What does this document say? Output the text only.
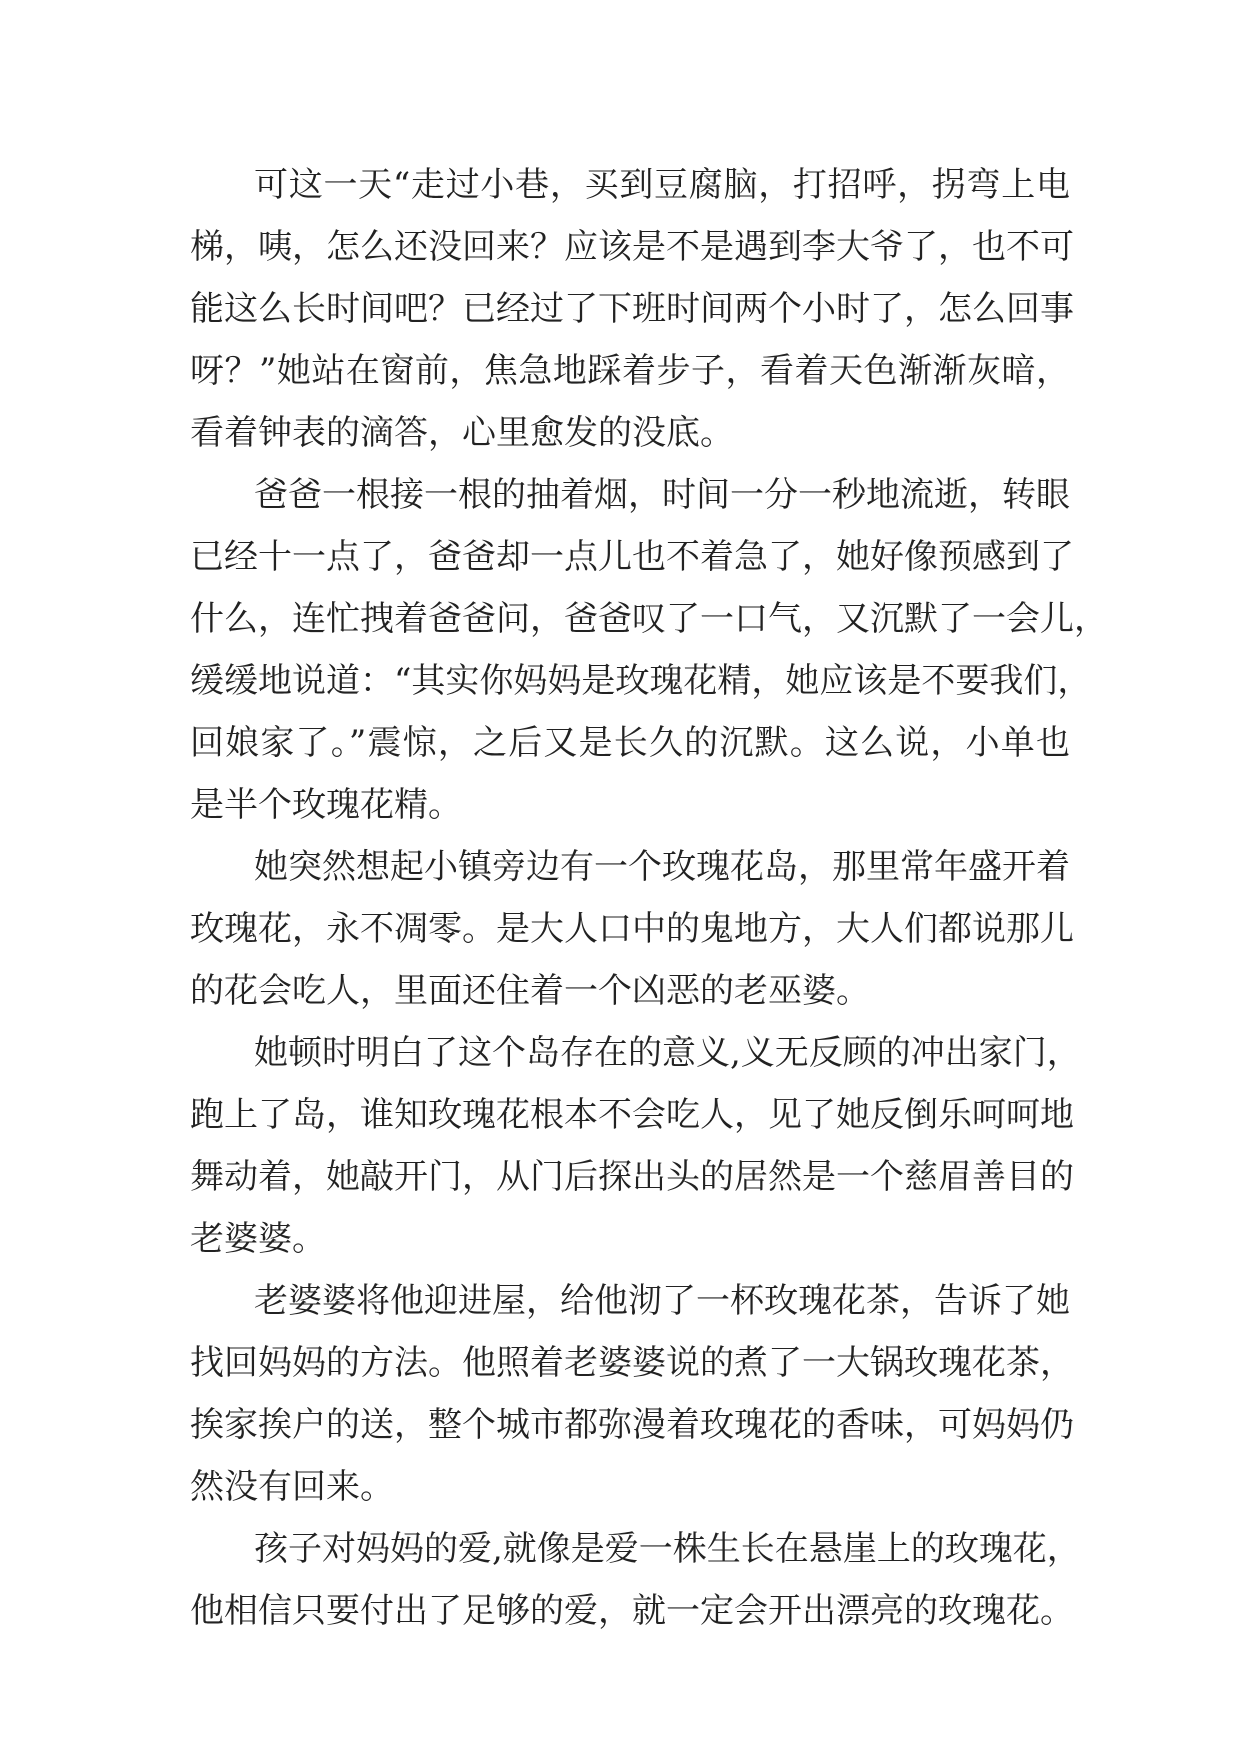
可这一天“走过小巷，买到豆腐脑，打招呼，拐弯上电
梯，咦，怎么还没回来？应该是不是遇到李大爷了，也不可
能这么长时间吧？已经过了下班时间两个小时了，怎么回事
呀？”她站在窗前，焦急地踩着步子，看着天色渐渐灰暗，
看着钟表的滴答，心里愈发的没底。
爸爸一根接一根的抽着烟，时间一分一秒地流逝，转眼
已经十一点了，爸爸却一点儿也不着急了，她好像预感到了
什么，连忙拽着爸爸问，爸爸叹了一口气，又沉默了一会儿，
缓缓地说道：“其实你妈妈是玫瑰花精，她应该是不要我们，
回娘家了。”震惊，之后又是长久的沉默。这么说，小单也
是半个玫瑰花精。
她突然想起小镇旁边有一个玫瑰花岛，那里常年盛开着
玫瑰花，永不凋零。是大人口中的鬼地方，大人们都说那儿
的花会吃人，里面还住着一个凶恶的老巫婆。
她顿时明白了这个岛存在的意义,义无反顾的冲出家门，
跑上了岛，谁知玫瑰花根本不会吃人，见了她反倒乐呵呵地
舞动着，她敲开门，从门后探出头的居然是一个慈眉善目的
老婆婆。
老婆婆将他迎进屋，给他沏了一杯玫瑰花茶，告诉了她
找回妈妈的方法。他照着老婆婆说的煮了一大锅玫瑰花茶，
挨家挨户的送，整个城市都弥漫着玫瑰花的香味，可妈妈仍
然没有回来。
孩子对妈妈的爱,就像是爱一株生长在悬崖上的玫瑰花，
他相信只要付出了足够的爱，就一定会开出漂亮的玫瑰花。
